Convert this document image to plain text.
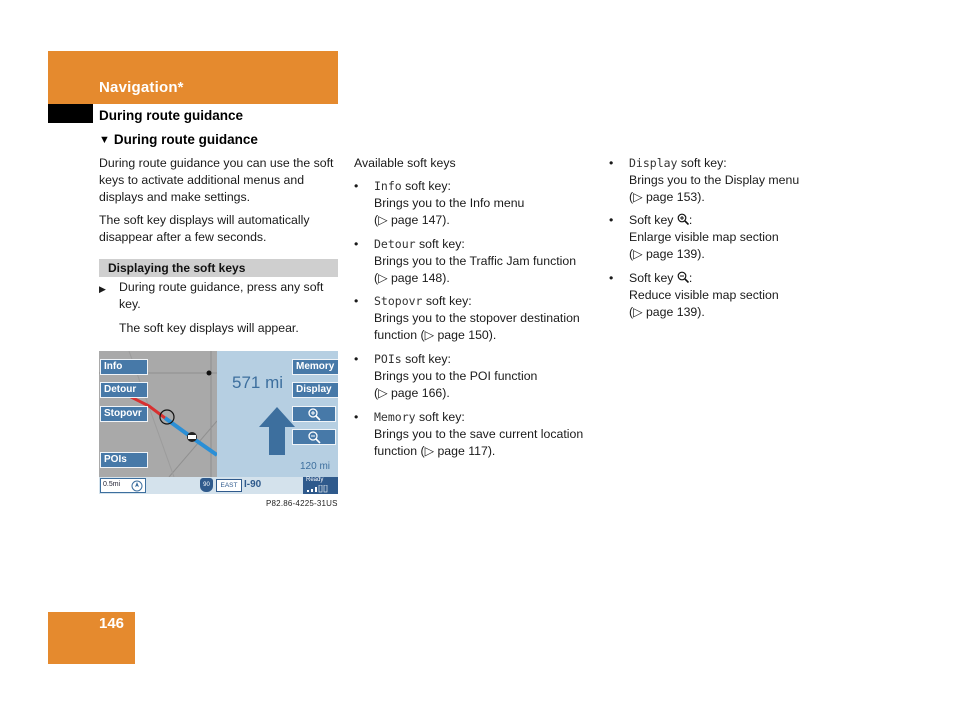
Navigation*
During route guidance
▼ During route guidance
During route guidance you can use the soft keys to activate additional menus and displays and make settings.
The soft key displays will automatically disappear after a few seconds.
Displaying the soft keys
▶ During route guidance, press any soft key.
The soft key displays will appear.
571 mi
120 mi
Info
Detour
Stopovr
POIs
Memory
Display
0.5mi	90	EAST I-90	Ready
P82.86-4225-31US
Available soft keys
• Info soft key:
Brings you to the Info menu
(▷ page 147).
• Detour soft key:
Brings you to the Traffic Jam function
(▷ page 148).
• Stopovr soft key:
Brings you to the stopover destination
function (▷ page 150).
• POIs soft key:
Brings you to the POI function
(▷ page 166).
• Memory soft key:
Brings you to the save current location
function (▷ page 117).
• Display soft key:
Brings you to the Display menu
(▷ page 153).
• Soft key :
Enlarge visible map section
(▷ page 139).
• Soft key :
Reduce visible map section
(▷ page 139).
146
